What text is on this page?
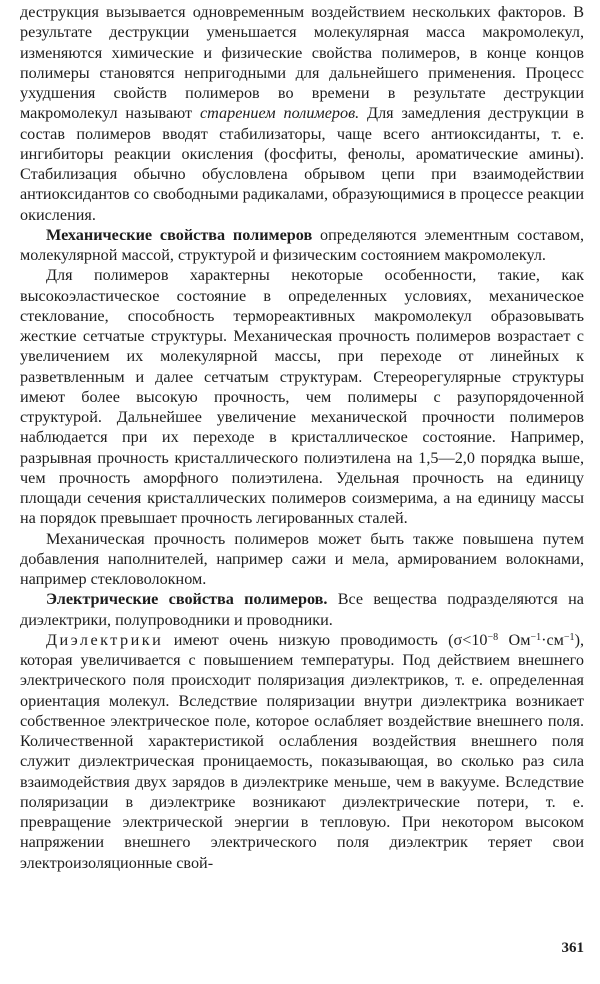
деструкция вызывается одновременным воздействием нескольких факторов. В результате деструкции уменьшается молекулярная масса макромолекул, изменяются химические и физические свойства полимеров, в конце концов полимеры становятся непригодными для дальнейшего применения. Процесс ухудшения свойств полимеров во времени в результате деструкции макромолекул называют старением полимеров. Для замедления деструкции в состав полимеров вводят стабилизаторы, чаще всего антиоксиданты, т. е. ингибиторы реакции окисления (фосфиты, фенолы, ароматические амины). Стабилизация обычно обусловлена обрывом цепи при взаимодействии антиоксидантов со свободными радикалами, образующимися в процессе реакции окисления.

Механические свойства полимеров определяются элементным составом, молекулярной массой, структурой и физическим состоянием макромолекул.

Для полимеров характерны некоторые особенности, такие, как высокоэластическое состояние в определенных условиях, механическое стеклование, способность термореактивных макромолекул образовывать жесткие сетчатые структуры. Механическая прочность полимеров возрастает с увеличением их молекулярной массы, при переходе от линейных к разветвленным и далее сетчатым структурам. Стереорегулярные структуры имеют более высокую прочность, чем полимеры с разупорядоченной структурой. Дальнейшее увеличение механической прочности полимеров наблюдается при их переходе в кристаллическое состояние. Например, разрывная прочность кристаллического полиэтилена на 1,5—2,0 порядка выше, чем прочность аморфного полиэтилена. Удельная прочность на единицу площади сечения кристаллических полимеров соизмерима, а на единицу массы на порядок превышает прочность легированных сталей.

Механическая прочность полимеров может быть также повышена путем добавления наполнителей, например сажи и мела, армированием волокнами, например стекловолокном.

Электрические свойства полимеров. Все вещества подразделяются на диэлектрики, полупроводники и проводники.

Диэлектрики имеют очень низкую проводимость ($\sigma<10^{-8}$ $Ом^{-1}\cdot см^{-1}$), которая увеличивается с повышением температуры. Под действием внешнего электрического поля происходит поляризация диэлектриков, т. е. определенная ориентация молекул. Вследствие поляризации внутри диэлектрика возникает собственное электрическое поле, которое ослабляет воздействие внешнего поля. Количественной характеристикой ослабления воздействия внешнего поля служит диэлектрическая проницаемость, показывающая, во сколько раз сила взаимодействия двух зарядов в диэлектрике меньше, чем в вакууме. Вследствие поляризации в диэлектрике возникают диэлектрические потери, т. е. превращение электрической энергии в тепловую. При некотором высоком напряжении внешнего электрического поля диэлектрик теряет свои электроизоляционные свой-

361
